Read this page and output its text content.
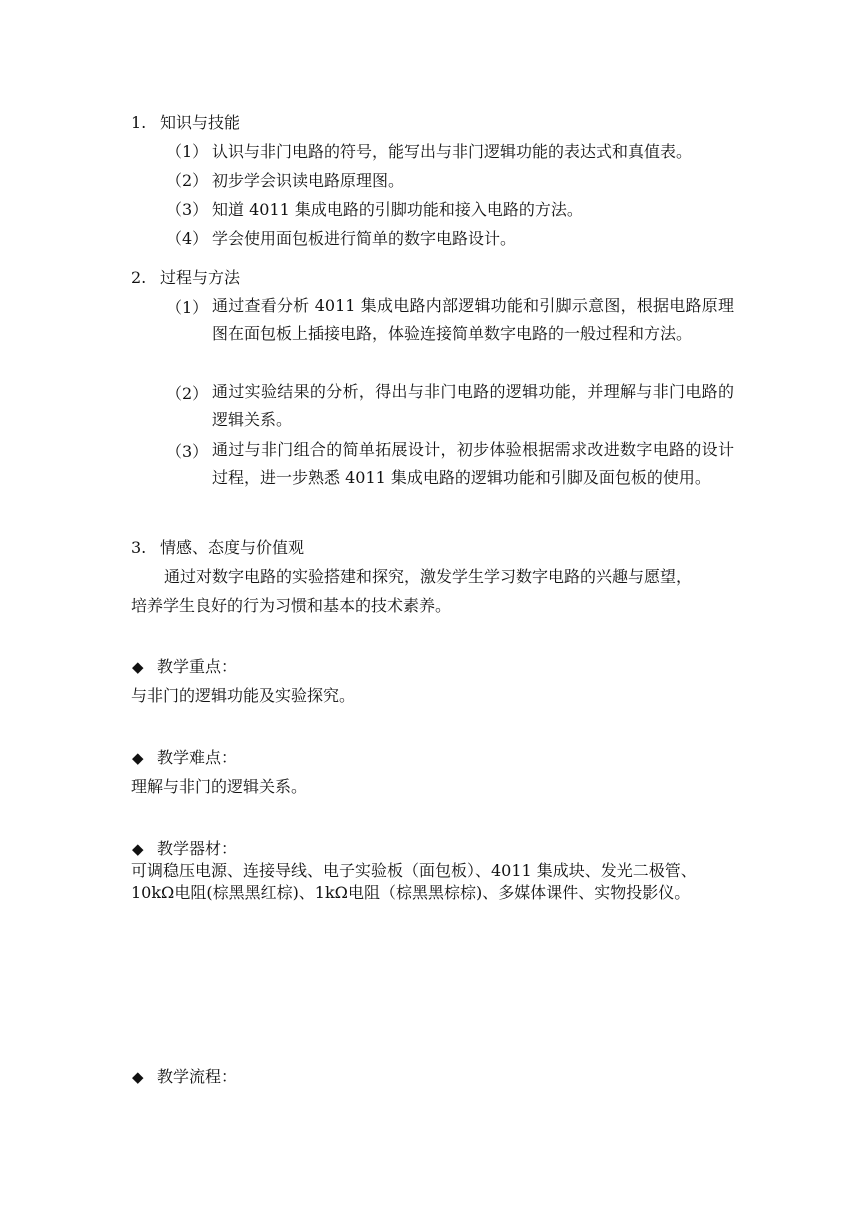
1. 知识与技能
（1） 认识与非门电路的符号，能写出与非门逻辑功能的表达式和真值表。
（2） 初步学会识读电路原理图。
（3） 知道 4011 集成电路的引脚功能和接入电路的方法。
（4） 学会使用面包板进行简单的数字电路设计。
2. 过程与方法
（1） 通过查看分析 4011 集成电路内部逻辑功能和引脚示意图，根据电路原理图在面包板上插接电路，体验连接简单数字电路的一般过程和方法。
（2） 通过实验结果的分析，得出与非门电路的逻辑功能，并理解与非门电路的逻辑关系。
（3） 通过与非门组合的简单拓展设计，初步体验根据需求改进数字电路的设计过程，进一步熟悉 4011 集成电路的逻辑功能和引脚及面包板的使用。
3. 情感、态度与价值观
通过对数字电路的实验搭建和探究，激发学生学习数字电路的兴趣与愿望，
培养学生良好的行为习惯和基本的技术素养。
◆ 教学重点：
与非门的逻辑功能及实验探究。
◆ 教学难点：
理解与非门的逻辑关系。
◆ 教学器材：
可调稳压电源、连接导线、电子实验板（面包板）、4011 集成块、发光二极管、
10kΩ电阻(棕黑黑红棕)、1kΩ电阻（棕黑黑棕棕)、多媒体课件、实物投影仪。
◆ 教学流程：
